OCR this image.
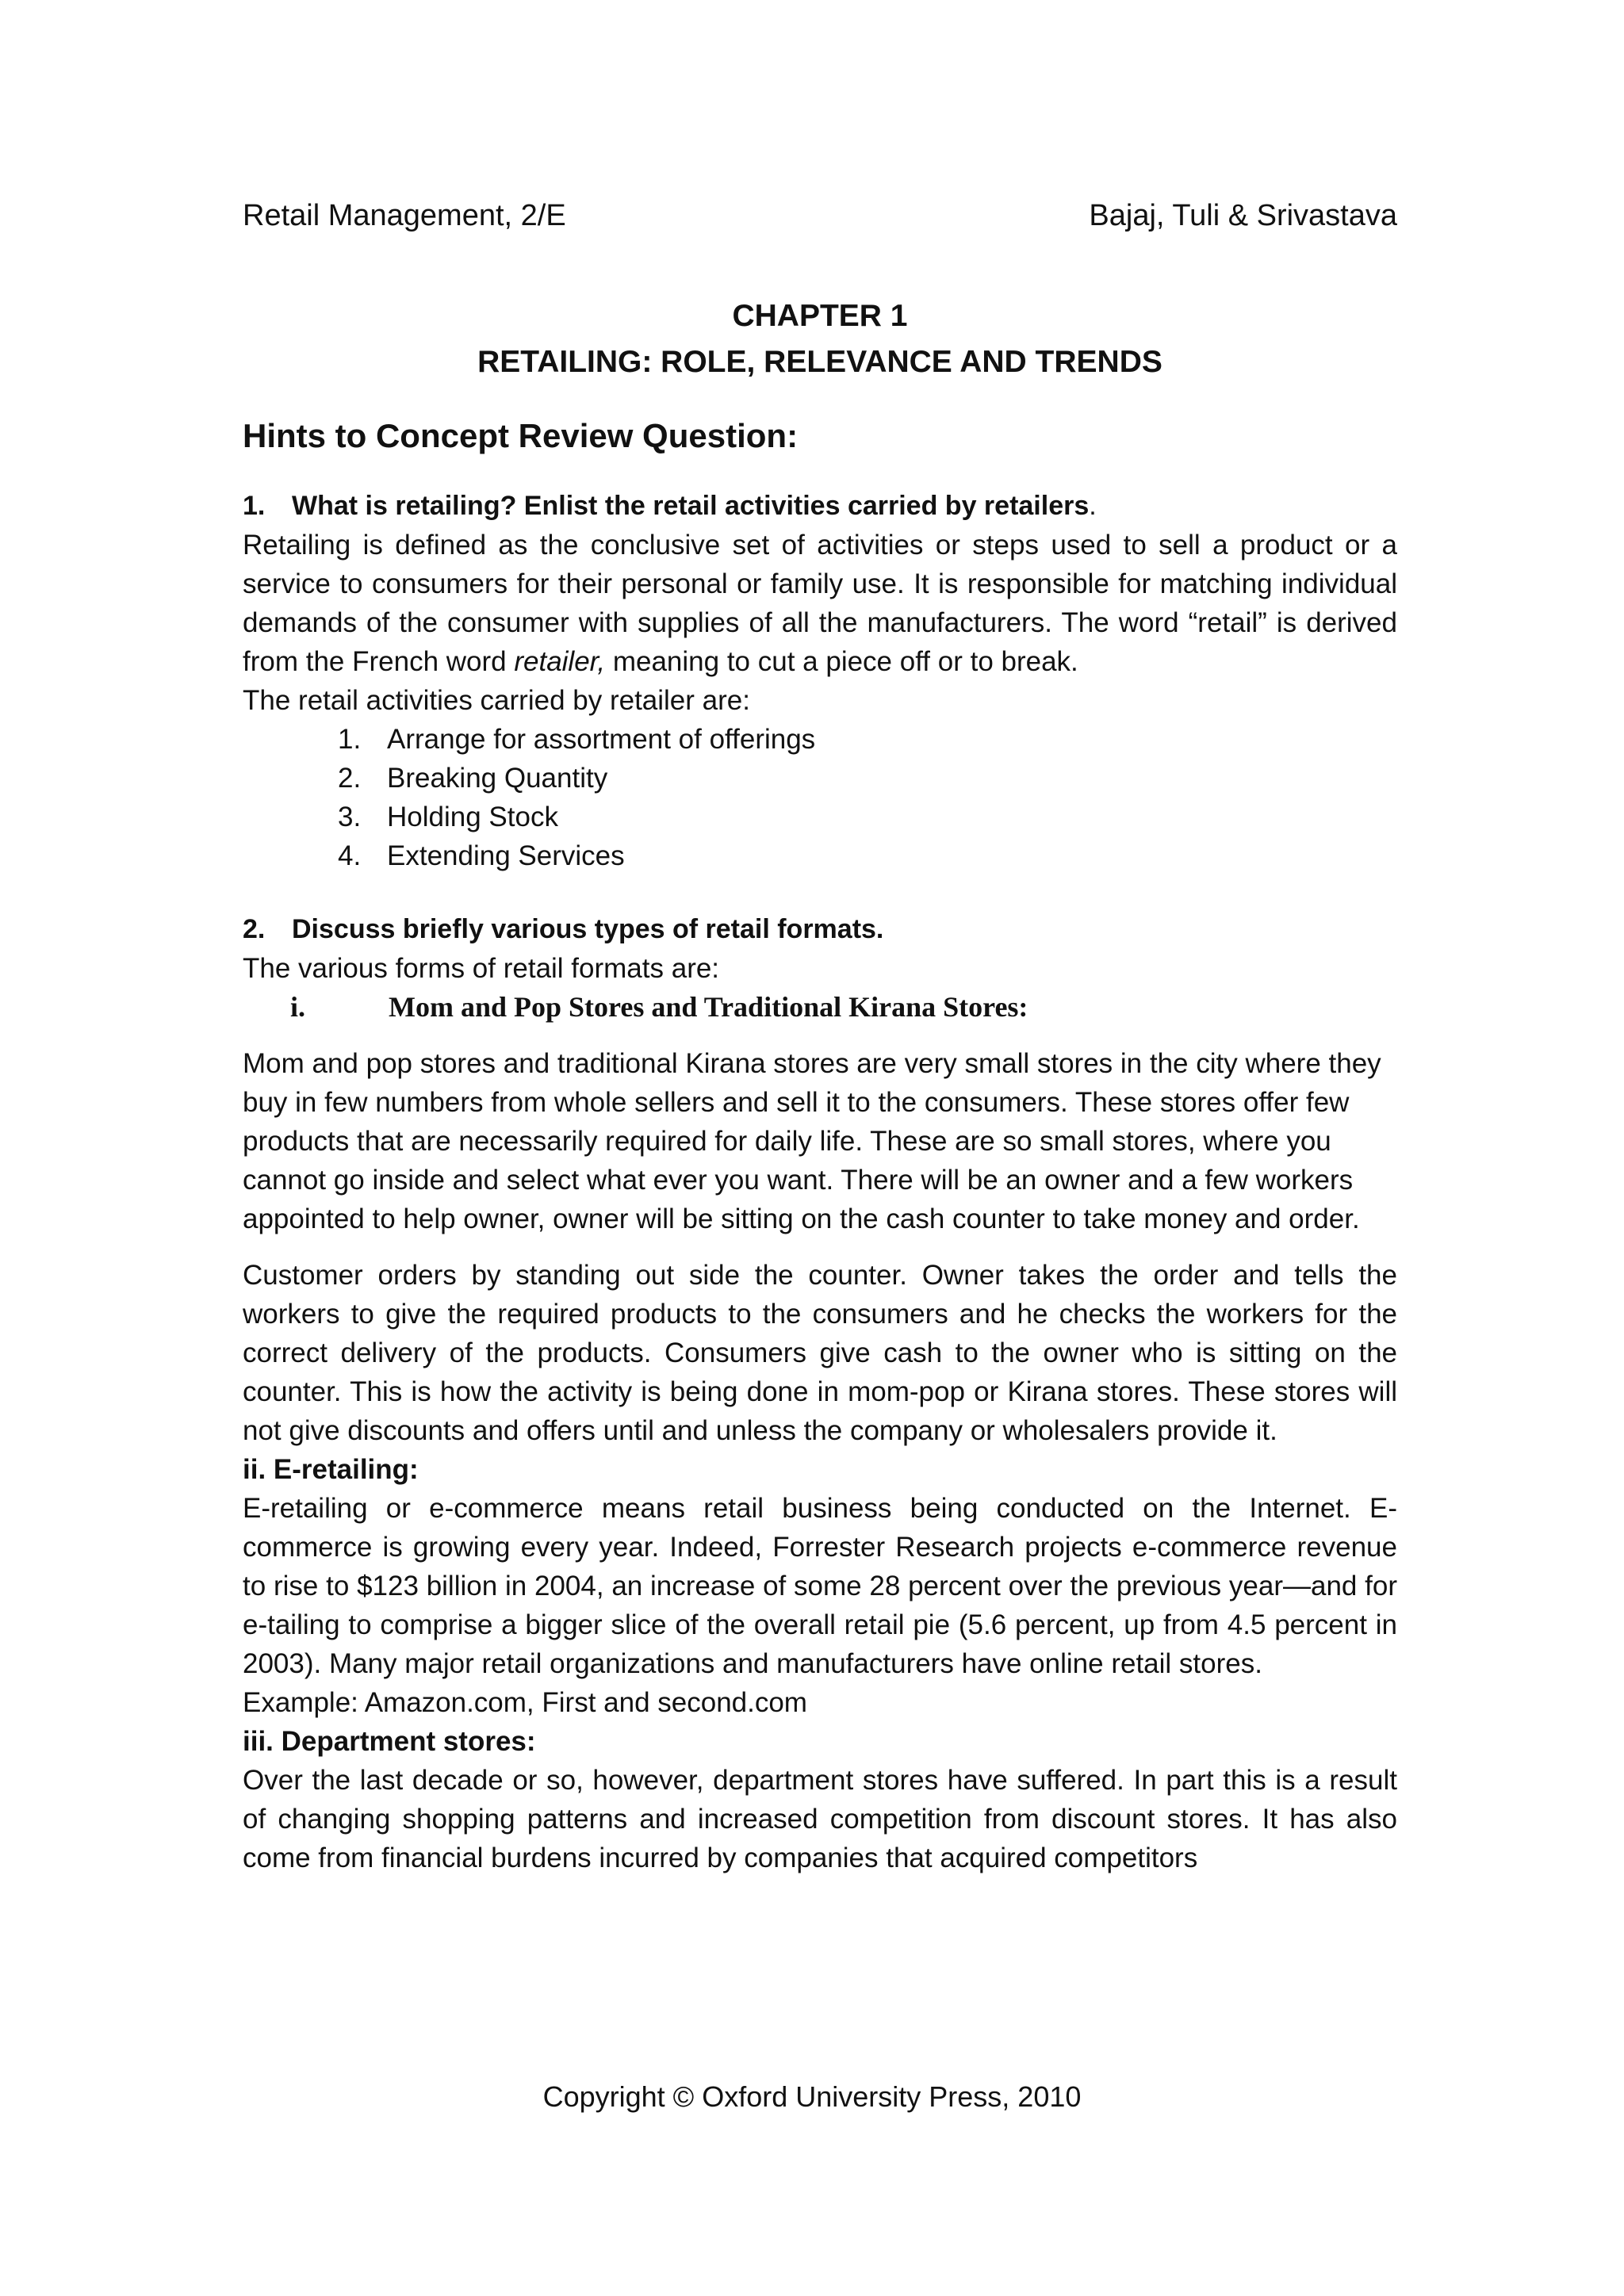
Retail Management, 2/E	Bajaj, Tuli & Srivastava
CHAPTER 1
RETAILING: ROLE, RELEVANCE AND TRENDS
Hints to Concept Review Question:
1. What is retailing? Enlist the retail activities carried by retailers.

Retailing is defined as the conclusive set of activities or steps used to sell a product or a service to consumers for their personal or family use. It is responsible for matching individual demands of the consumer with supplies of all the manufacturers. The word “retail” is derived from the French word retailer, meaning to cut a piece off or to break.

The retail activities carried by retailer are:

1. Arrange for assortment of offerings
2. Breaking Quantity
3. Holding Stock
4. Extending Services
2. Discuss briefly various types of retail formats.

The various forms of retail formats are:

i.	Mom and Pop Stores and Traditional Kirana Stores:

Mom and pop stores and traditional Kirana stores are very small stores in the city where they buy in few numbers from whole sellers and sell it to the consumers. These stores offer few products that are necessarily required for daily life. These are so small stores, where you cannot go inside and select what ever you want. There will be an owner and a few workers appointed to help owner, owner will be sitting on the cash counter to take money and order.

Customer orders by standing out side the counter. Owner takes the order and tells the workers to give the required products to the consumers and he checks the workers for the correct delivery of the products. Consumers give cash to the owner who is sitting on the counter. This is how the activity is being done in mom-pop or Kirana stores. These stores will not give discounts and offers until and unless the company or wholesalers provide it.

ii. E-retailing:

E-retailing or e-commerce means retail business being conducted on the Internet. E-commerce is growing every year. Indeed, Forrester Research projects e-commerce revenue to rise to $123 billion in 2004, an increase of some 28 percent over the previous year—and for e-tailing to comprise a bigger slice of the overall retail pie (5.6 percent, up from 4.5 percent in 2003). Many major retail organizations and manufacturers have online retail stores.

Example: Amazon.com, First and second.com

iii. Department stores:

Over the last decade or so, however, department stores have suffered. In part this is a result of changing shopping patterns and increased competition from discount stores. It has also come from financial burdens incurred by companies that acquired competitors

Copyright © Oxford University Press, 2010
